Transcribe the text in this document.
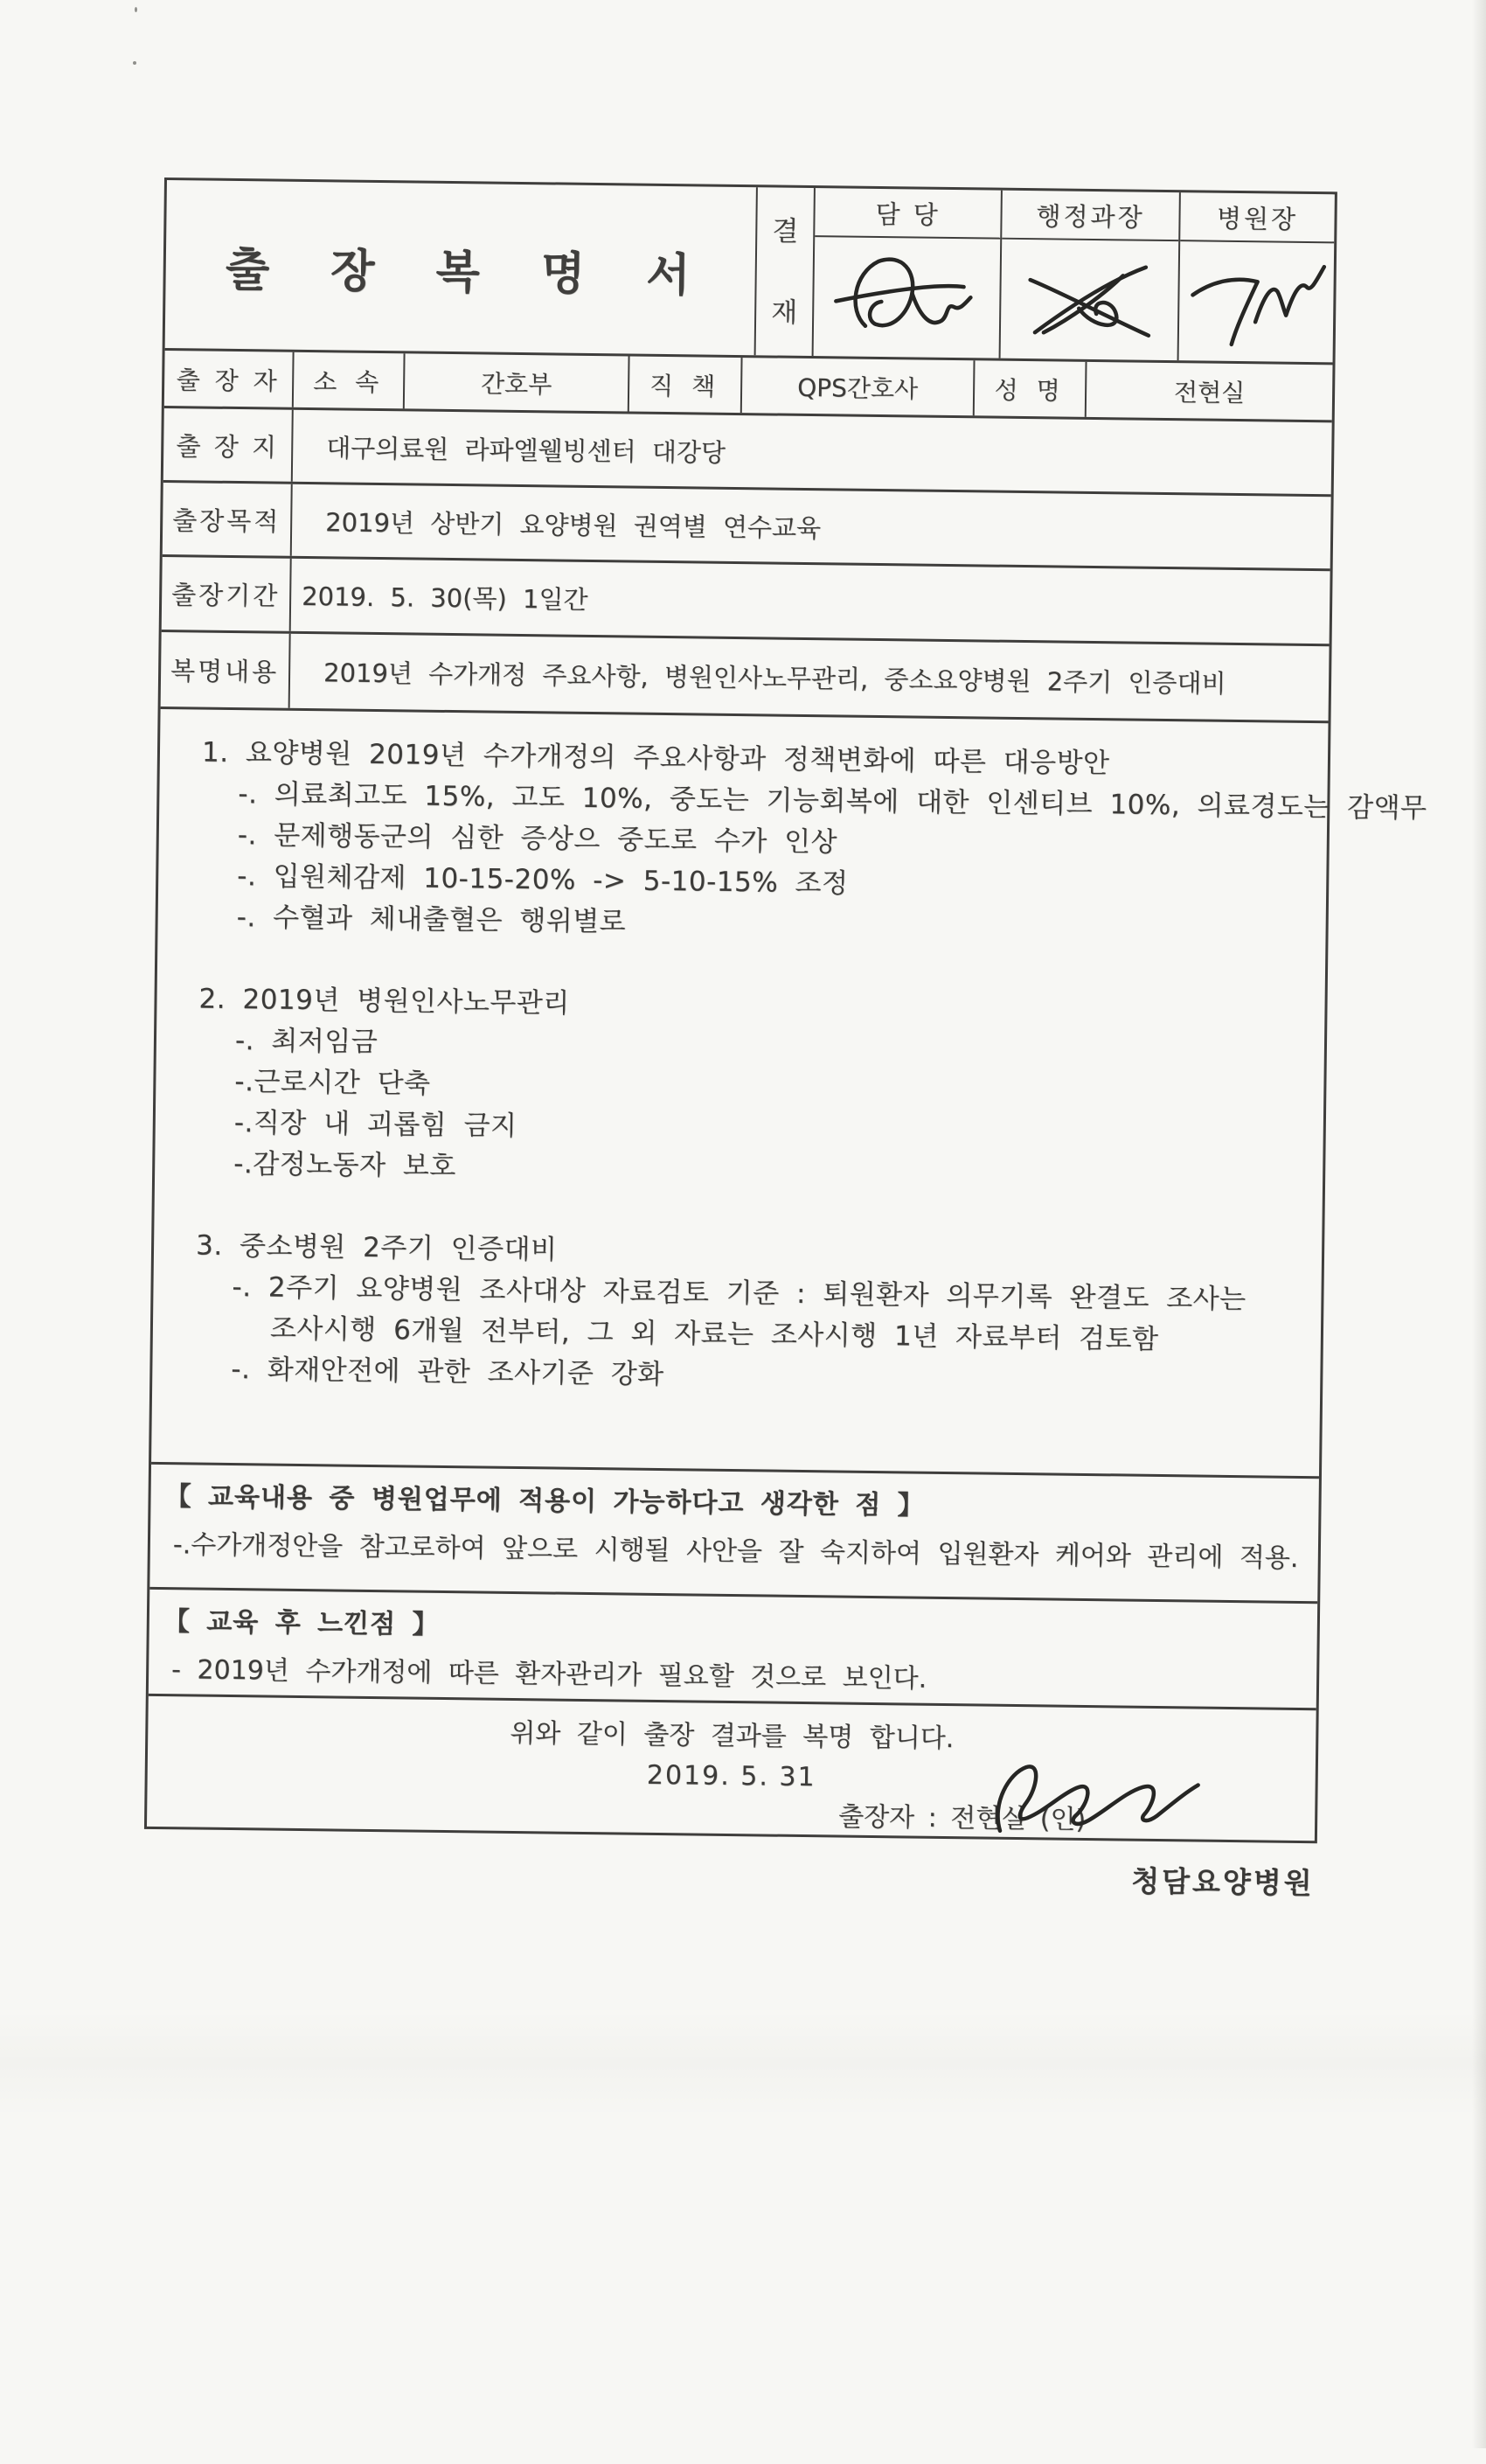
출 장 복 명 서
결
재
담 당	행정과장	병원장
출 장 자	소 속	간호부	직 책	QPS간호사	성 명	전현실
출 장 지	대구의료원 라파엘웰빙센터 대강당
출장목적	2019년 상반기 요양병원 권역별 연수교육
출장기간 2019. 5. 30(목) 1일간
복명내용	2019년 수가개정 주요사항, 병원인사노무관리, 중소요양병원 2주기 인증대비
1. 요양병원 2019년 수가개정의 주요사항과 정책변화에 따른 대응방안
-. 의료최고도 15%, 고도 10%, 중도는 기능회복에 대한 인센티브 10%, 의료경도는 감액무
-. 문제행동군의 심한 증상으 중도로 수가 인상
-. 입원체감제 10-15-20% -> 5-10-15% 조정
-. 수혈과 체내출혈은 행위별로
2. 2019년 병원인사노무관리
-. 최저임금
-.근로시간 단축
-.직장 내 괴롭힘 금지
-.감정노동자 보호
3. 중소병원 2주기 인증대비
-. 2주기 요양병원 조사대상 자료검토 기준 : 퇴원환자 의무기록 완결도 조사는
조사시행 6개월 전부터, 그 외 자료는 조사시행 1년 자료부터 검토함
-. 화재안전에 관한 조사기준 강화
【 교육내용 중 병원업무에 적용이 가능하다고 생각한 점 】
-.수가개정안을 참고로하여 앞으로 시행될 사안을 잘 숙지하여 입원환자 케어와 관리에 적용.
【 교육 후 느낀점 】
- 2019년 수가개정에 따른 환자관리가 필요할 것으로 보인다.
위와 같이 출장 결과를 복명 합니다.
2019. 5. 31
출장자 : 전현실 (인)
청담요양병원
